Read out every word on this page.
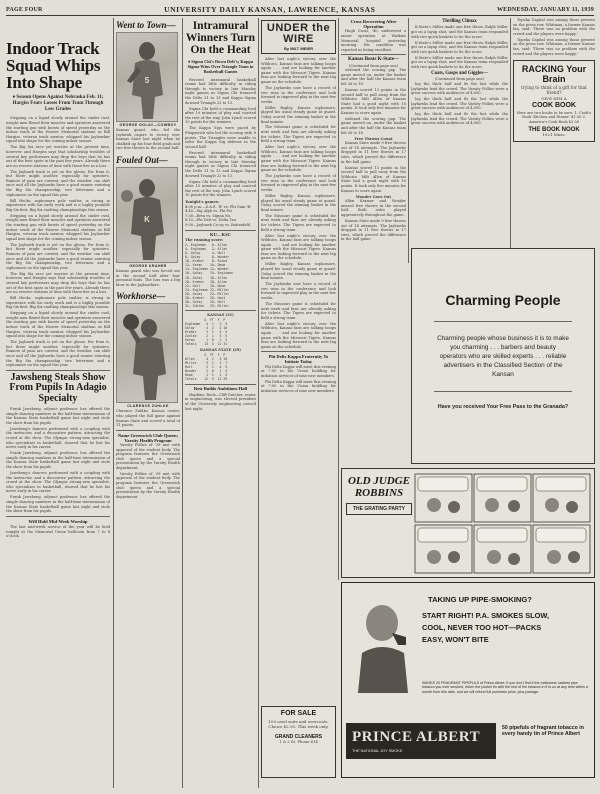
PAGE FOUR	UNIVERSITY DAILY KANSAN, LAWRENCE, KANSAS	WEDNESDAY, JANUARY 11, 1939
Indoor Track Squad Whips Into Shape
♦ Season Opens Against Nebraska Feb. 11; Hargiss Fears Losses From Team Through Low Grades

Stepping on a liquid slowly around the cinder oval, weight men flexed their muscles and sprinters answered the starting gun with bursts of speed yesterday on the indoor track of the Hoover Memorial stadium as Bill Hargiss, veteran track mentor, whipped his Jayhawker squad into shape for the coming indoor season.

The Big Six race yet worries at the present time, however, and Hargiss says that scholarship troubles of several key performers may drop the boys that he has out of the best spots in the past few years. Already there are no reserve stations of time with these five as a loss.

The Jayhawk track is yet on the gloom. For from it, but there might another, especially for sprinters. Rumors of pain are current, and the weather can shift once and all the Jayhawks have a good runner entering the Big Six championship, two lettermen and a sophomore on the squad this year.

Bill Hecks, sophomore pole vaulter, is strong in experience with his early work and is a highly possible Big Six first. Big Six vaulting championships this season.

Stepping on a liquid slowly around the cinder oval, weight men flexed their muscles and sprinters answered the starting gun with bursts of speed yesterday on the indoor track of the Hoover Memorial stadium as Bill Hargiss, veteran track mentor, whipped his Jayhawker squad into shape for the coming indoor season.

The Jayhawk track is yet on the gloom. For from it, but there might another, especially for sprinters. Rumors of pain are current, and the weather can shift once and all the Jayhawks have a good runner entering the Big Six championship, two lettermen and a sophomore on the squad this year.

The Big Six race yet worries at the present time, however, and Hargiss says that scholarship troubles of several key performers may drop the boys that he has out of the best spots in the past few years. Already there are no reserve stations of time with these five as a loss.

Bill Hecks, sophomore pole vaulter, is strong in experience with his early work and is a highly possible Big Six first. Big Six vaulting championships this season.

Stepping on a liquid slowly around the cinder oval, weight men flexed their muscles and sprinters answered the starting gun with bursts of speed yesterday on the indoor track of the Hoover Memorial stadium as Bill Hargiss, veteran track mentor, whipped his Jayhawker squad into shape for the coming indoor season.

The Jayhawk track is yet on the gloom. For from it, but there might another, especially for sprinters. Rumors of pain are current, and the weather can shift once and all the Jayhawks have a good runner entering the Big Six championship, two lettermen and a sophomore on the squad this year.

Jawsheng Steals Show From Pupils In Adagio Specialty

Frank Jawsheng, adjunct professor, has offered the simple dancing numbers in the half-time intermission of the Kansas State basketball game last night and stole the show from his pupils.

Jawsheng's dancers performed with a coupling with the instructor, and a decorative pattern, attracting the crowd at the show. The Olympic strong-arm specialist, who specializes in basketball, showed that he lost his nerve early in his career.

Frank Jawsheng, adjunct professor, has offered the simple dancing numbers in the half-time intermission of the Kansas State basketball game last night and stole the show from his pupils.

Jawsheng's dancers performed with a coupling with the instructor, and a decorative pattern, attracting the crowd at the show. The Olympic strong-arm specialist, who specializes in basketball, showed that he lost his nerve early in his career.

Frank Jawsheng, adjunct professor, has offered the simple dancing numbers in the half-time intermission of the Kansas State basketball game last night and stole the show from his pupils.

Will Hold Mid-Week Worship

The last mid-week service of the year will be held tonight at the Memorial Union ballroom from 7 to 8 o'clock.

Went to Town—
5
GEORGE GOLAY—COWBOY
Kansas guard, who led the Jayhawk cagers to victory over Kansas State last night when he chalked up his four field goals and two free throws in the second half.
Fouled Out—
K
GEORGE KRAHER
Kansas guard who was forced out in the second half after four personal fouls. The loss was a big blow to the Jayhawkers.
Workhorse—
CLARENCE ZUHLKE
Clarence Zuhlke, Kansas center, who played the full game against Kansas State and scored a total of 11 points.
Name Greenwich Club Queen; Varsity Health Program

Varsity Follies of '39 met with approval of the student body. The program features the Greenwich club queen and a special presentation by the Varsity Health department.

Varsity Follies of '39 met with approval of the student body. The program features the Greenwich club queen and a special presentation by the Varsity Health department.

Intramural Winners Turn On the Heat
♦ Sigma Chi's Down Delt's; Kappa Sigma Wins Over Triangle Team in Basketball Games

Favored intramural basketball teams had little difficulty in riding through to victory in late Monday night games as Sigma Chi trounced the Delts 31 to 13 and Kappa Sigma downed Triangle 22 to 13.

Sigma Chi held a commanding lead after 10 minutes of play and coasted the rest of the way. John Lynch scored 10 points for the winners.

The Kappa Sigs were paced by Fitzpatrick who led the scoring with 8 points. The Triangles were unable to solve the Kappa Sig defense in the second half.

Favored intramural basketball teams had little difficulty in riding through to victory in late Monday night games as Sigma Chi trounced the Delts 31 to 13 and Kappa Sigma downed Triangle 22 to 13.

Sigma Chi held a commanding lead after 10 minutes of play and coasted the rest of the way. John Lynch scored 10 points for the winners.

Tonight's games:
4:00 p.m.—S.A.E. 'B' vs. Phi Gam 'B'
4:45—Sig Alph vs. Phi Psi
7:30—Beta vs. Sigma Nu
8:15—Phi Delt vs. Delta Tau
9:00—Jayhawk Co-op vs. Battenfeld
KU—KSC
The running score:
2— Engleman   0— Allen
4— Engleman   2— Allen
6— Golay      4— Hull
8— Golay      6— Wunder
10— Kraher    8— Rinne
12— Voran    10— Dewe
14— Engleman 12— Wunder
16— Golay    14— Engleman
18— Golay    16— Allen
20— Kraher   18— Allen
22— Hull     20— Dewe
24— Engleman 22— Miller
26— Golay    24— Miller
28— Kraher   26— Hunt
30— Golay    28— Hull
31— Zuhlke   29— Miller
KANSAS (31)
G  FT  F  P
Engleman   4  1   2  9
Golay      4  2   2 10
Kraher     2  1   4  5
Zuhlke     2  1   3  5
Voran      1  0   1  2
Totals    13  5  12 31
KANSAS STATE (29)
G  FT  F  P
Allen      4  2   3 10
Miller     3  1   2  7
Hull       2  1   4  5
Wunder     2  0   1  4
Dewe       1  1   2  3
Totals    12  5  12 29
Rest Builds Ambitious Hall

Hopkins, Rock—Cliff Dutcher, senior in engineering, was elected president of the University engineering council last night.

UNDER the WIRE
By MILT MEIER

After last night's victory over the Wildcats, Kansas fans are talking hoops again . . . and are looking for another game with the Missouri Tigers. Kansas fans are looking forward to the next big game on the schedule.

The Jayhawks now have a record of two wins in the conference and look forward to improved play in the next few weeks.

Miller Bagley, Kansas sophomore, played his usual steady game at guard. Golay scored the winning basket in the final minute.

The Missouri game is scheduled for next week and fans are already asking for tickets. The Tigers are expected to field a strong team.

After last night's victory over the Wildcats, Kansas fans are talking hoops again . . . and are looking for another game with the Missouri Tigers. Kansas fans are looking forward to the next big game on the schedule.

The Jayhawks now have a record of two wins in the conference and look forward to improved play in the next few weeks.

Miller Bagley, Kansas sophomore, played his usual steady game at guard. Golay scored the winning basket in the final minute.

The Missouri game is scheduled for next week and fans are already asking for tickets. The Tigers are expected to field a strong team.

After last night's victory over the Wildcats, Kansas fans are talking hoops again . . . and are looking for another game with the Missouri Tigers. Kansas fans are looking forward to the next big game on the schedule.

Miller Bagley, Kansas sophomore, played his usual steady game at guard. Golay scored the winning basket in the final minute.

The Jayhawks now have a record of two wins in the conference and look forward to improved play in the next few weeks.

The Missouri game is scheduled for next week and fans are already asking for tickets. The Tigers are expected to field a strong team.

After last night's victory over the Wildcats, Kansas fans are talking hoops again . . . and are looking for another game with the Missouri Tigers. Kansas fans are looking forward to the next big game on the schedule.

Phi Delts Kappa Fraternity To Initiate Today

Phi Delta Kappa will meet this evening at 7:00 in the Union building for initiation services of nine new members.

Phi Delta Kappa will meet this evening at 7:00 in the Union building for initiation services of nine new members.

FOR SALE
100 used suits and overcoats. Choice $2.95. This week only.
GRAND CLEANERS
1 & 2 St. Phone 614
Cross Recovering After Operation

Hugh Cross, '40, underwent a minor operation at Watkins Memorial hospital yesterday morning. His condition was reported as being excellent.

Kansas Beats K-State—
(Continued from page one)

widened the scoring gap. The game moved on, under the basket and after the half the Kansas team led 26 to 18.

Kansas scored 13 points in the second half to pull away from the Wildcats. Milt Allen of Kansas State had a good night with 10 points. It took only five minutes for Kansas to score again.

widened the scoring gap. The game moved on, under the basket and after the half the Kansas team led 26 to 18.

Free Throws Count

Kansas State made 9 free throws out of 14 attempts. The Jayhawks dropped in 11 free throws in 17 tries, which proved the difference in the ball game.

Kansas scored 13 points in the second half to pull away from the Wildcats. Milt Allen of Kansas State had a good night with 10 points. It took only five minutes for Kansas to score again.

Wonder Goes Out

Allen Kramer and Wonder missed free throws in the second half. Both sides played aggressively throughout the game.

Kansas State made 9 free throws out of 14 attempts. The Jayhawks dropped in 11 free throws in 17 tries, which proved the difference in the ball game.

Thrilling Climax

K-State's Miller made one free throw, Ralph Miller got on a layup shot, and the Kansas team responded with two quick baskets to tie the score.

K-State's Miller made one free throw, Ralph Miller got on a layup shot, and the Kansas team responded with two quick baskets to tie the score.

K-State's Miller made one free throw, Ralph Miller got on a layup shot, and the Kansas team responded with two quick baskets to tie the score.

Coats, Gasps and Giggles—
(Continued from page one)

log the thick half and fit the last while the Jayhawks lead the crowd. The Varsity Follies were a great success with audiences of 4,000.

log the thick half and fit the last while the Jayhawks lead the crowd. The Varsity Follies were a great success with audiences of 4,000.

log the thick half and fit the last while the Jayhawks lead the crowd. The Varsity Follies were a great success with audiences of 4,000.

Topeka Capital was among those present on the press row. Whitman, a former Kansas fan, said: 'There was no problem with the crowd and the players were happy.'

Topeka Capital was among those present on the press row. Whitman, a former Kansas fan, said: 'There was no problem with the crowd and the players were happy.'

RACKING Your Brain
trying to think of a gift for that friend?
GIVE HIM A
COOK BOOK
Here are two books to be sure: 1. Cook's Book 'Kitchen and Dinner' $1.50 2. America's Cook Book $2.50
THE BOOK NOOK
1021 Mass.
Charming People
Charming people whose business it is to make you charming . . . barbers and beauty operators who are skilled experts . . . reliable advertisers in the Classified Section of the Kansan
Have you received Your Free Pass to the Granada?
OLD JUDGE ROBBINS
THE GRATING PARTY
TAKING UP PIPE-SMOKING?
START RIGHT! P.A. SMOKES SLOW,
COOL, NEVER TOO HOT—PACKS
EASY, WON'T BITE
SMOKE 20 FRAGRANT PIPEFULS of Prince Albert. If you don't find it the mellowest, tastiest pipe tobacco you ever smoked, return the pocket tin with the rest of the tobacco in it to us at any time within a month from this date, and we will refund full purchase price, plus postage.
PRINCE ALBERT
THE NATIONAL JOY SMOKE
50 pipefuls of fragrant tobacco in every handy tin of Prince Albert
